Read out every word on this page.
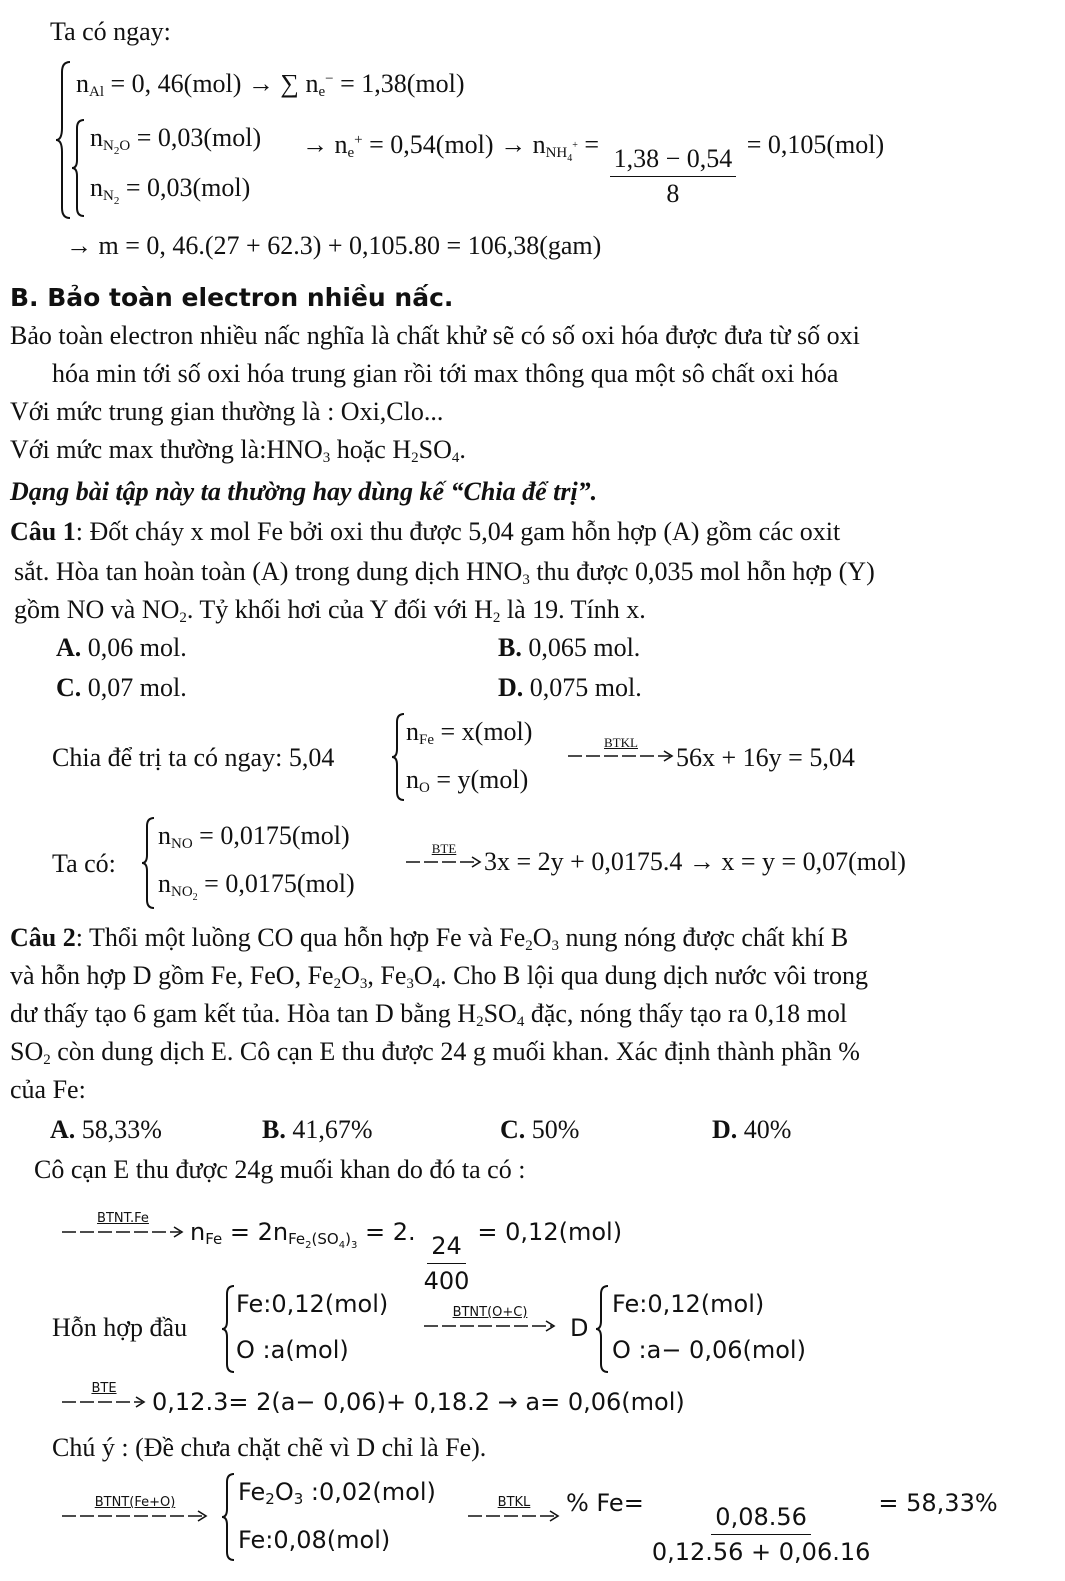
Ta có ngay:
$n_{Al} = 0$, 46(mol) → ∑ $n_e^- = 1,38(mol)$
$n_{N_2O} = 0,03(mol)$
$n_{N_2} = 0,03(mol)$
→ $n_e^+ = 0,54(mol) \to n_{NH_4^+} = \frac{1,38 - 0,54}{8} = 0,105(mol)$
→ m = 0, 46.(27 + 62.3) + 0,105.80 = 106,38(gam)
B. Bảo toàn electron nhiều nấc.
Bảo toàn electron nhiều nấc nghĩa là chất khử sẽ có số oxi hóa được đưa từ số oxi
hóa min tới số oxi hóa trung gian rồi tới max thông qua một sô chất oxi hóa
Với mức trung gian thường là : Oxi,Clo...
Với mức max thường $là:HNO_3$ hoặc $H_2SO_4$.
Dạng bài tập này ta thường hay dùng kế “Chia để trị”.
Câu 1: Đốt cháy x mol Fe bởi oxi thu được 5,04 gam hỗn hợp (A) gồm các oxit
sắt. Hòa tan hoàn toàn (A) trong dung dịch $HNO_3$ thu được 0,035 mol hỗn hợp (Y)
gồm NO và $NO_2$. Tỷ khối hơi của Y đối với $H_2$ là 19. Tính x.
A. 0,06 mol.	B. 0,065 mol.
C. 0,07 mol.	D. 0,075 mol.
Chia để trị ta có ngay: 5,04
$n_{Fe} = x(mol)$
$n_O = y(mol)$
BTKL
56x + 16y = 5,04
Ta có:
$n_{NO} = 0,0175(mol)$
$n_{NO_2} = 0,0175(mol)$
BTE	3x = 2y + 0,0175.4 → x = y = 0,07(mol)
Câu 2: Thổi một luồng CO qua hỗn hợp Fe và $Fe_2O_3$ nung nóng được chất khí B
và hỗn hợp D gồm Fe, FeO, $Fe_2O_3$, $Fe_3O_4$. Cho B lội qua dung dịch nước vôi trong
dư thấy tạo 6 gam kết tủa. Hòa tan D bằng $H_2SO_4$ đặc, nóng thấy tạo ra 0,18 mol
$SO_2$ còn dung dịch E. Cô cạn E thu được 24 g muối khan. Xác định thành phần %
của Fe:
A. 58,33%	B. 41,67%	C. 50%	D. 40%
Cô cạn E thu được 24g muối khan do đó ta có :
BTNT.Fe	$n_{Fe} = 2n_{Fe_2(SO_4)_3} = 2$. $\frac{24}{400} = 0,12(mol)$
Hỗn hợp đầu
Fe:0,12(mol)
O :a(mol)
BTNT(O+C)
D
Fe:0,12(mol)
O :a− 0,06(mol)
BTE	0,12.3= 2(a− 0,06)+ 0,18.2 → a= 0,06(mol)
Chú ý : (Đề chưa chặt chẽ vì D chỉ là Fe).
BTNT(Fe+O)	$Fe_2O_3$ :0,02(mol)
Fe:0,08(mol)
BTKL	% $Fe= \frac{0,08.56}{0,12.56 + 0,06.16} = 58,33\%$
